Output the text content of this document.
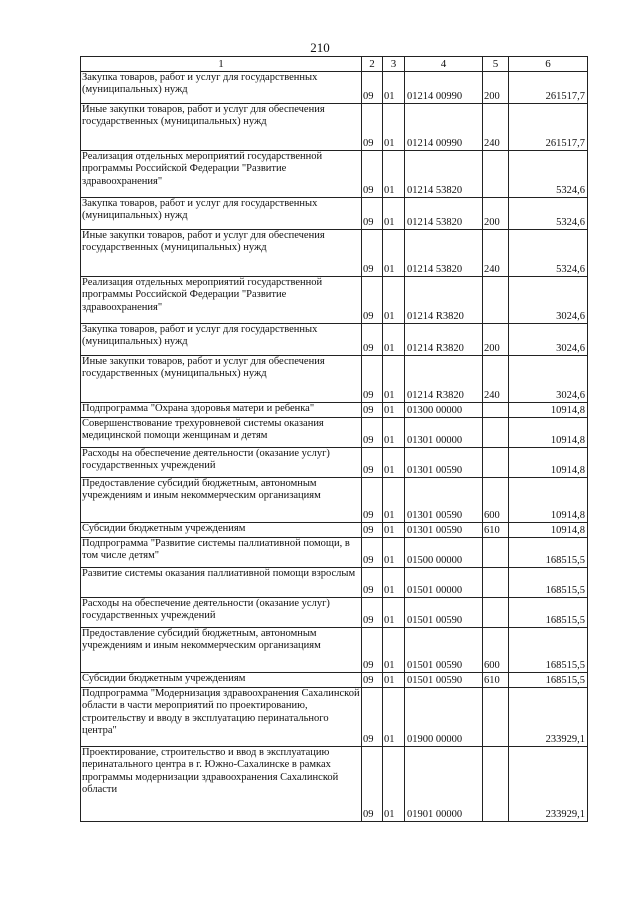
210
1	2	3	4	5	6
Закупка товаров, работ и услуг для государственных (муниципальных) нужд	09	01	01214 00990	200	261517,7
Иные закупки товаров, работ и услуг для обеспечения государственных (муниципальных) нужд	09	01	01214 00990	240	261517,7
Реализация отдельных мероприятий государственной программы Российской Федерации "Развитие здравоохранения"	09	01	01214 53820		5324,6
Закупка товаров, работ и услуг для государственных (муниципальных) нужд	09	01	01214 53820	200	5324,6
Иные закупки товаров, работ и услуг для обеспечения государственных (муниципальных) нужд	09	01	01214 53820	240	5324,6
Реализация отдельных мероприятий государственной программы Российской Федерации "Развитие здравоохранения"	09	01	01214 R3820		3024,6
Закупка товаров, работ и услуг для государственных (муниципальных) нужд	09	01	01214 R3820	200	3024,6
Иные закупки товаров, работ и услуг для обеспечения государственных (муниципальных) нужд	09	01	01214 R3820	240	3024,6
Подпрограмма "Охрана здоровья матери и ребенка"	09	01	01300 00000		10914,8
Совершенствование трехуровневой системы оказания медицинской помощи женщинам и детям	09	01	01301 00000		10914,8
Расходы на обеспечение деятельности (оказание услуг) государственных учреждений	09	01	01301 00590		10914,8
Предоставление субсидий бюджетным, автономным учреждениям и иным некоммерческим организациям	09	01	01301 00590	600	10914,8
Субсидии бюджетным учреждениям	09	01	01301 00590	610	10914,8
Подпрограмма "Развитие системы паллиативной помощи, в том числе детям"	09	01	01500 00000		168515,5
Развитие системы оказания паллиативной помощи взрослым	09	01	01501 00000		168515,5
Расходы на обеспечение деятельности (оказание услуг) государственных учреждений	09	01	01501 00590		168515,5
Предоставление субсидий бюджетным, автономным учреждениям и иным некоммерческим организациям	09	01	01501 00590	600	168515,5
Субсидии бюджетным учреждениям	09	01	01501 00590	610	168515,5
Подпрограмма "Модернизация здравоохранения Сахалинской области в части мероприятий по проектированию, строительству и вводу в эксплуатацию перинатального центра"	09	01	01900 00000		233929,1
Проектирование, строительство и ввод в эксплуатацию перинатального центра в г. Южно-Сахалинске в рамках программы модернизации здравоохранения Сахалинской области	09	01	01901 00000		233929,1
